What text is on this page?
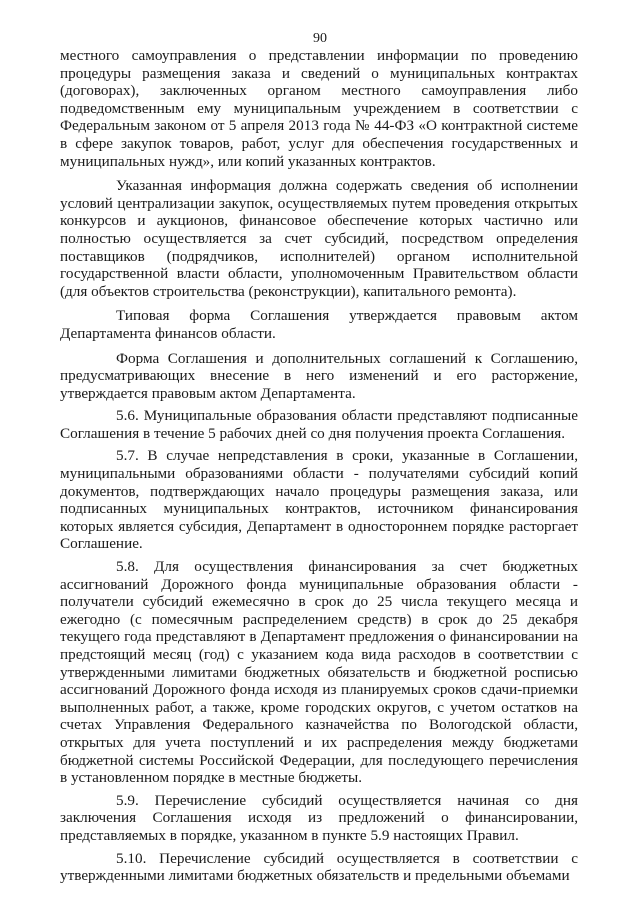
90

местного самоуправления о представлении информации по проведению процедуры размещения заказа и сведений о муниципальных контрактах (договорах), заключенных органом местного самоуправления либо подведомственным ему муниципальным учреждением в соответствии с Федеральным законом от 5 апреля 2013 года № 44-ФЗ «О контрактной системе в сфере закупок товаров, работ, услуг для обеспечения государственных и муниципальных нужд», или копий указанных контрактов.

Указанная информация должна содержать сведения об исполнении условий централизации закупок, осуществляемых путем проведения открытых конкурсов и аукционов, финансовое обеспечение которых частично или полностью осуществляется за счет субсидий, посредством определения поставщиков (подрядчиков, исполнителей) органом исполнительной государственной власти области, уполномоченным Правительством области (для объектов строительства (реконструкции), капитального ремонта).

Типовая форма Соглашения утверждается правовым актом Департамента финансов области.

Форма Соглашения и дополнительных соглашений к Соглашению, предусматривающих внесение в него изменений и его расторжение, утверждается правовым актом Департамента.

5.6. Муниципальные образования области представляют подписанные Соглашения в течение 5 рабочих дней со дня получения проекта Соглашения.

5.7. В случае непредставления в сроки, указанные в Соглашении, муниципальными образованиями области - получателями субсидий копий документов, подтверждающих начало процедуры размещения заказа, или подписанных муниципальных контрактов, источником финансирования которых является субсидия, Департамент в одностороннем порядке расторгает Соглашение.

5.8. Для осуществления финансирования за счет бюджетных ассигнований Дорожного фонда муниципальные образования области - получатели субсидий ежемесячно в срок до 25 числа текущего месяца и ежегодно (с помесячным распределением средств) в срок до 25 декабря текущего года представляют в Департамент предложения о финансировании на предстоящий месяц (год) с указанием кода вида расходов в соответствии с утвержденными лимитами бюджетных обязательств и бюджетной росписью ассигнований Дорожного фонда исходя из планируемых сроков сдачи-приемки выполненных работ, а также, кроме городских округов, с учетом остатков на счетах Управления Федерального казначейства по Вологодской области, открытых для учета поступлений и их распределения между бюджетами бюджетной системы Российской Федерации, для последующего перечисления в установленном порядке в местные бюджеты.

5.9. Перечисление субсидий осуществляется начиная со дня заключения Соглашения исходя из предложений о финансировании, представляемых в порядке, указанном в пункте 5.9 настоящих Правил.

5.10. Перечисление субсидий осуществляется в соответствии с утвержденными лимитами бюджетных обязательств и предельными объемами
